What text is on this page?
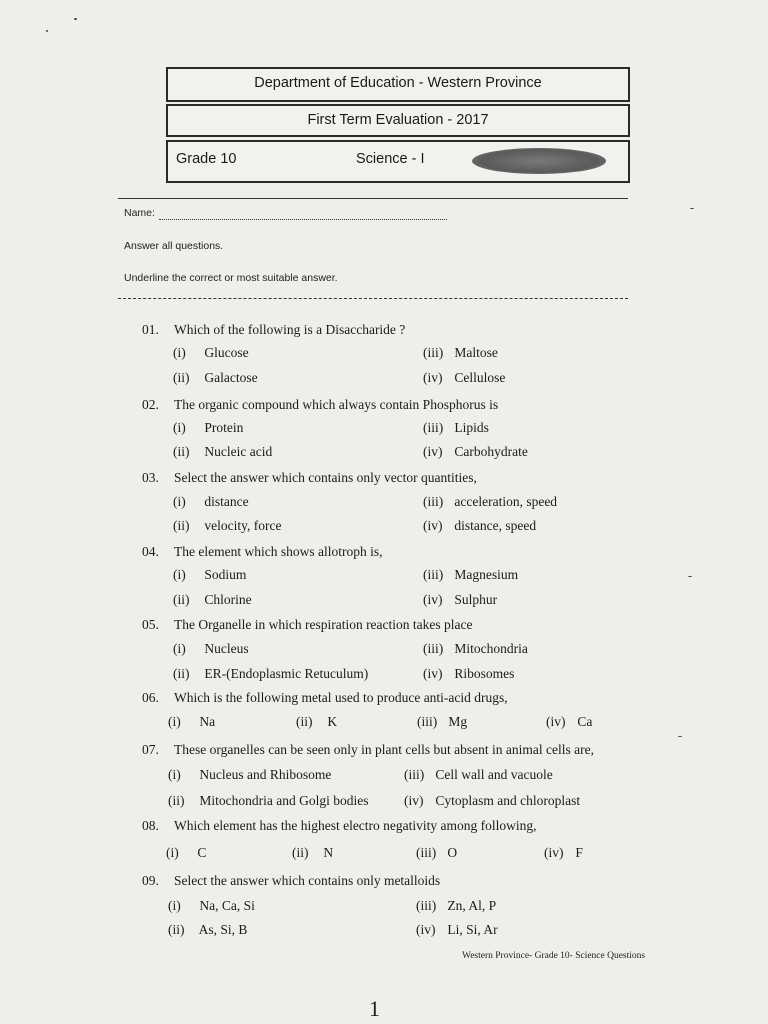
Department of Education - Western Province
First Term Evaluation - 2017
Grade 10	Science - I
Name:
Answer all questions.
Underline the correct or most suitable answer.
01. Which of the following is a Disaccharide ?
(i) Glucose
(ii) Galactose
(iii) Maltose
(iv) Cellulose
02. The organic compound which always contain Phosphorus is
(i) Protein
(ii) Nucleic acid
(iii) Lipids
(iv) Carbohydrate
03. Select the answer which contains only vector quantities,
(i) distance
(ii) velocity, force
(iii) acceleration, speed
(iv) distance, speed
04. The element which shows allotroph is,
(i) Sodium
(ii) Chlorine
(iii) Magnesium
(iv) Sulphur
05. The Organelle in which respiration reaction takes place
(i) Nucleus
(ii) ER-(Endoplasmic Retuculum)
(iii) Mitochondria
(iv) Ribosomes
06. Which is the following metal used to produce anti-acid drugs,
(i) Na	(ii) K	(iii) Mg	(iv) Ca
07. These organelles can be seen only in plant cells but absent in animal cells are,
(i) Nucleus and Rhibosome
(ii) Mitochondria and Golgi bodies
(iii) Cell wall and vacuole
(iv) Cytoplasm and chloroplast
08. Which element has the highest electro negativity among following,
(i) C	(ii) N	(iii) O	(iv) F
09. Select the answer which contains only metalloids
(i) Na, Ca, Si
(ii) As, Si, B
(iii) Zn, Al, P
(iv) Li, Si, Ar
Western Province- Grade 10- Science Questions
1
